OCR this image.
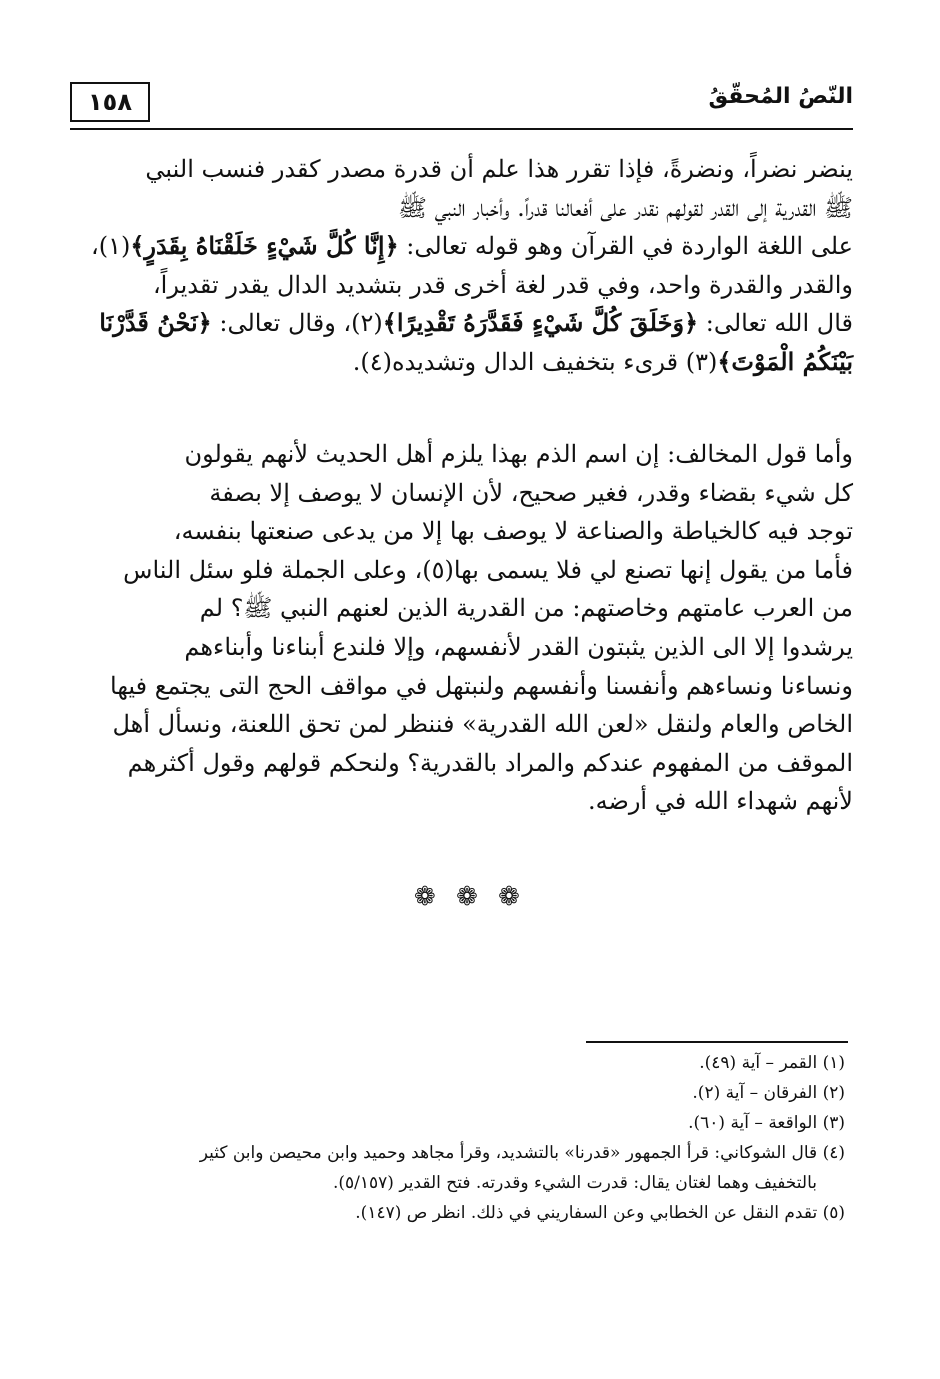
١٥٨	النّصُ المُحقّقُ

ينضر نضراً، ونضرةً، فإذا تقرر هذا علم أن قدرة مصدر كقدر فنسب النبي

ﷺ القدرية إلى القدر لقولهم نقدر على أفعالنا قدراً. وأخبار النبي ﷺ

على اللغة الواردة في القرآن وهو قوله تعالى: ﴿إِنَّا كُلَّ شَيْءٍ خَلَقْنَاهُ بِقَدَرٍ﴾(١)،

والقدر والقدرة واحد، وفي قدر لغة أخرى قدر بتشديد الدال يقدر تقديراً،

قال الله تعالى: ﴿وَخَلَقَ كُلَّ شَيْءٍ فَقَدَّرَهُ تَقْدِيرًا﴾(٢)، وقال تعالى: ﴿نَحْنُ قَدَّرْنَا

بَيْنَكُمُ الْمَوْتَ﴾(٣) قرىء بتخفيف الدال وتشديده(٤).

وأما قول المخالف: إن اسم الذم بهذا يلزم أهل الحديث لأنهم يقولون

كل شيء بقضاء وقدر، فغير صحيح، لأن الإنسان لا يوصف إلا بصفة

توجد فيه كالخياطة والصناعة لا يوصف بها إلا من يدعى صنعتها بنفسه،

فأما من يقول إنها تصنع لي فلا يسمى بها(٥)، وعلى الجملة فلو سئل الناس

من العرب عامتهم وخاصتهم: من القدرية الذين لعنهم النبي ﷺ؟ لم

يرشدوا إلا الى الذين يثبتون القدر لأنفسهم، وإلا فلندع أبناءنا وأبناءهم

ونساءنا ونساءهم وأنفسنا وأنفسهم ولنبتهل في مواقف الحج التى يجتمع فيها

الخاص والعام ولنقل «لعن الله القدرية» فننظر لمن تحق اللعنة، ونسأل أهل

الموقف من المفهوم عندكم والمراد بالقدرية؟ ولنحكم قولهم وقول أكثرهم

لأنهم شهداء الله في أرضه.

❁ ❁ ❁

(١) القمر – آية (٤٩).

(٢) الفرقان – آية (٢).

(٣) الواقعة – آية (٦٠).

(٤) قال الشوكاني: قرأ الجمهور «قدرنا» بالتشديد، وقرأ مجاهد وحميد وابن محيصن وابن كثير

بالتخفيف وهما لغتان يقال: قدرت الشيء وقدرته. فتح القدير (٥/١٥٧).

(٥) تقدم النقل عن الخطابي وعن السفاريني في ذلك. انظر ص (١٤٧).
